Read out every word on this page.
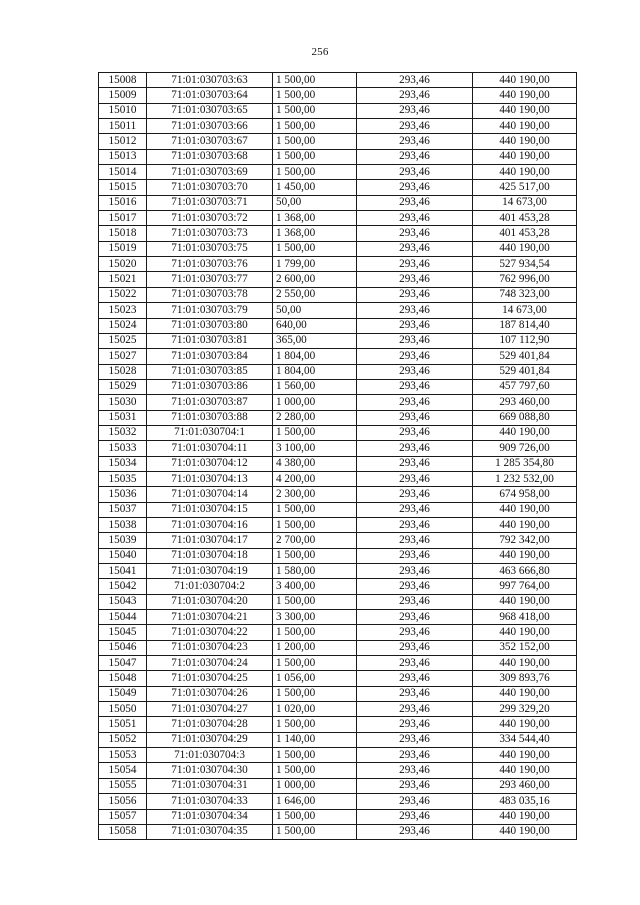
256
15008	71:01:030703:63	1 500,00	293,46	440 190,00
15009	71:01:030703:64	1 500,00	293,46	440 190,00
15010	71:01:030703:65	1 500,00	293,46	440 190,00
15011	71:01:030703:66	1 500,00	293,46	440 190,00
15012	71:01:030703:67	1 500,00	293,46	440 190,00
15013	71:01:030703:68	1 500,00	293,46	440 190,00
15014	71:01:030703:69	1 500,00	293,46	440 190,00
15015	71:01:030703:70	1 450,00	293,46	425 517,00
15016	71:01:030703:71	50,00	293,46	14 673,00
15017	71:01:030703:72	1 368,00	293,46	401 453,28
15018	71:01:030703:73	1 368,00	293,46	401 453,28
15019	71:01:030703:75	1 500,00	293,46	440 190,00
15020	71:01:030703:76	1 799,00	293,46	527 934,54
15021	71:01:030703:77	2 600,00	293,46	762 996,00
15022	71:01:030703:78	2 550,00	293,46	748 323,00
15023	71:01:030703:79	50,00	293,46	14 673,00
15024	71:01:030703:80	640,00	293,46	187 814,40
15025	71:01:030703:81	365,00	293,46	107 112,90
15027	71:01:030703:84	1 804,00	293,46	529 401,84
15028	71:01:030703:85	1 804,00	293,46	529 401,84
15029	71:01:030703:86	1 560,00	293,46	457 797,60
15030	71:01:030703:87	1 000,00	293,46	293 460,00
15031	71:01:030703:88	2 280,00	293,46	669 088,80
15032	71:01:030704:1	1 500,00	293,46	440 190,00
15033	71:01:030704:11	3 100,00	293,46	909 726,00
15034	71:01:030704:12	4 380,00	293,46	1 285 354,80
15035	71:01:030704:13	4 200,00	293,46	1 232 532,00
15036	71:01:030704:14	2 300,00	293,46	674 958,00
15037	71:01:030704:15	1 500,00	293,46	440 190,00
15038	71:01:030704:16	1 500,00	293,46	440 190,00
15039	71:01:030704:17	2 700,00	293,46	792 342,00
15040	71:01:030704:18	1 500,00	293,46	440 190,00
15041	71:01:030704:19	1 580,00	293,46	463 666,80
15042	71:01:030704:2	3 400,00	293,46	997 764,00
15043	71:01:030704:20	1 500,00	293,46	440 190,00
15044	71:01:030704:21	3 300,00	293,46	968 418,00
15045	71:01:030704:22	1 500,00	293,46	440 190,00
15046	71:01:030704:23	1 200,00	293,46	352 152,00
15047	71:01:030704:24	1 500,00	293,46	440 190,00
15048	71:01:030704:25	1 056,00	293,46	309 893,76
15049	71:01:030704:26	1 500,00	293,46	440 190,00
15050	71:01:030704:27	1 020,00	293,46	299 329,20
15051	71:01:030704:28	1 500,00	293,46	440 190,00
15052	71:01:030704:29	1 140,00	293,46	334 544,40
15053	71:01:030704:3	1 500,00	293,46	440 190,00
15054	71:01:030704:30	1 500,00	293,46	440 190,00
15055	71:01:030704:31	1 000,00	293,46	293 460,00
15056	71:01:030704:33	1 646,00	293,46	483 035,16
15057	71:01:030704:34	1 500,00	293,46	440 190,00
15058	71:01:030704:35	1 500,00	293,46	440 190,00
